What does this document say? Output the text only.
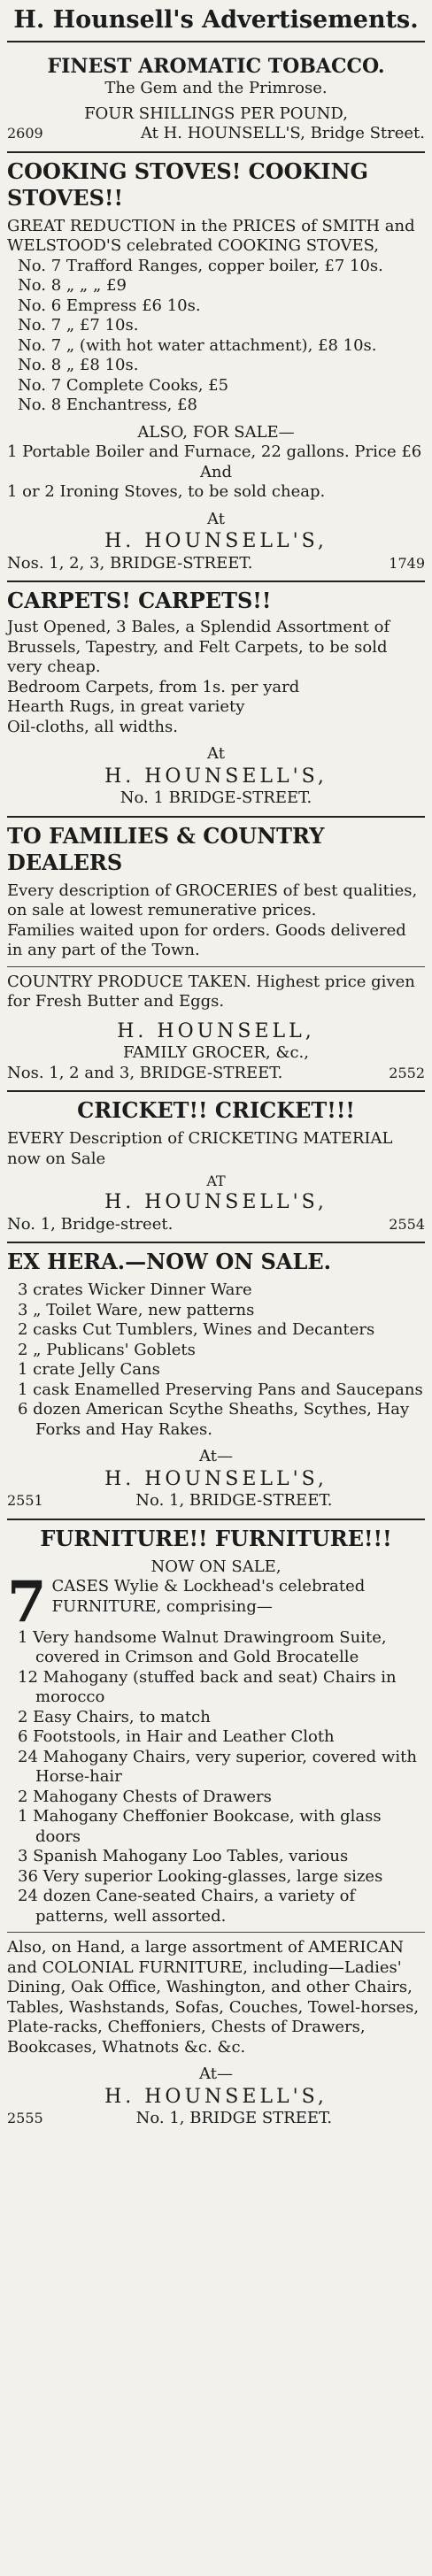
H. Hounsell's Advertisements.
FINEST AROMATIC TOBACCO.
The Gem and the Primrose.
FOUR SHILLINGS PER POUND,
2609	At H. HOUNSELL'S, Bridge Street.
COOKING STOVES! COOKING STOVES!!
GREAT REDUCTION in the PRICES of SMITH and WELSTOOD'S celebrated COOKING STOVES,
No. 7 Trafford Ranges, copper boiler, £7 10s.
No. 8 „ „ „ £9
No. 6 Empress £6 10s.
No. 7 „ £7 10s.
No. 7 „ (with hot water attachment), £8 10s.
No. 8 „ £8 10s.
No. 7 Complete Cooks, £5
No. 8 Enchantress, £8
ALSO, FOR SALE—
1 Portable Boiler and Furnace, 22 gallons. Price £6
And
1 or 2 Ironing Stoves, to be sold cheap.
At
H. HOUNSELL'S,
Nos. 1, 2, 3, BRIDGE-STREET.	1749
CARPETS! CARPETS!!
Just Opened, 3 Bales, a Splendid Assortment of Brussels, Tapestry, and Felt Carpets, to be sold very cheap.
Bedroom Carpets, from 1s. per yard
Hearth Rugs, in great variety
Oil-cloths, all widths.
At
H. HOUNSELL'S,
No. 1 BRIDGE-STREET.
TO FAMILIES & COUNTRY DEALERS
Every description of GROCERIES of best qualities, on sale at lowest remunerative prices.
Families waited upon for orders. Goods delivered in any part of the Town.
COUNTRY PRODUCE TAKEN. Highest price given for Fresh Butter and Eggs.
H. HOUNSELL,
FAMILY GROCER, &c.,
Nos. 1, 2 and 3, BRIDGE-STREET.	2552
CRICKET!! CRICKET!!!
EVERY Description of CRICKETING MATERIAL now on Sale
AT
H. HOUNSELL'S,
No. 1, Bridge-street.	2554
EX HERA.—NOW ON SALE.
3 crates Wicker Dinner Ware
3 „ Toilet Ware, new patterns
2 casks Cut Tumblers, Wines and Decanters
2 „ Publicans' Goblets
1 crate Jelly Cans
1 cask Enamelled Preserving Pans and Saucepans
6 dozen American Scythe Sheaths, Scythes, Hay Forks and Hay Rakes.
At—
H. HOUNSELL'S,
2551	No. 1, BRIDGE-STREET.
FURNITURE!! FURNITURE!!!
NOW ON SALE,
7 CASES Wylie & Lockhead's celebrated FURNITURE, comprising—
1 Very handsome Walnut Drawingroom Suite, covered in Crimson and Gold Brocatelle
12 Mahogany (stuffed back and seat) Chairs in morocco
2 Easy Chairs, to match
6 Footstools, in Hair and Leather Cloth
24 Mahogany Chairs, very superior, covered with Horse-hair
2 Mahogany Chests of Drawers
1 Mahogany Cheffonier Bookcase, with glass doors
3 Spanish Mahogany Loo Tables, various
36 Very superior Looking-glasses, large sizes
24 dozen Cane-seated Chairs, a variety of patterns, well assorted.
Also, on Hand, a large assortment of AMERICAN and COLONIAL FURNITURE, including—Ladies' Dining, Oak Office, Washington, and other Chairs, Tables, Washstands, Sofas, Couches, Towel-horses, Plate-racks, Cheffoniers, Chests of Drawers, Bookcases, Whatnots &c. &c.
At—
H. HOUNSELL'S,
2555	No. 1, BRIDGE STREET.
